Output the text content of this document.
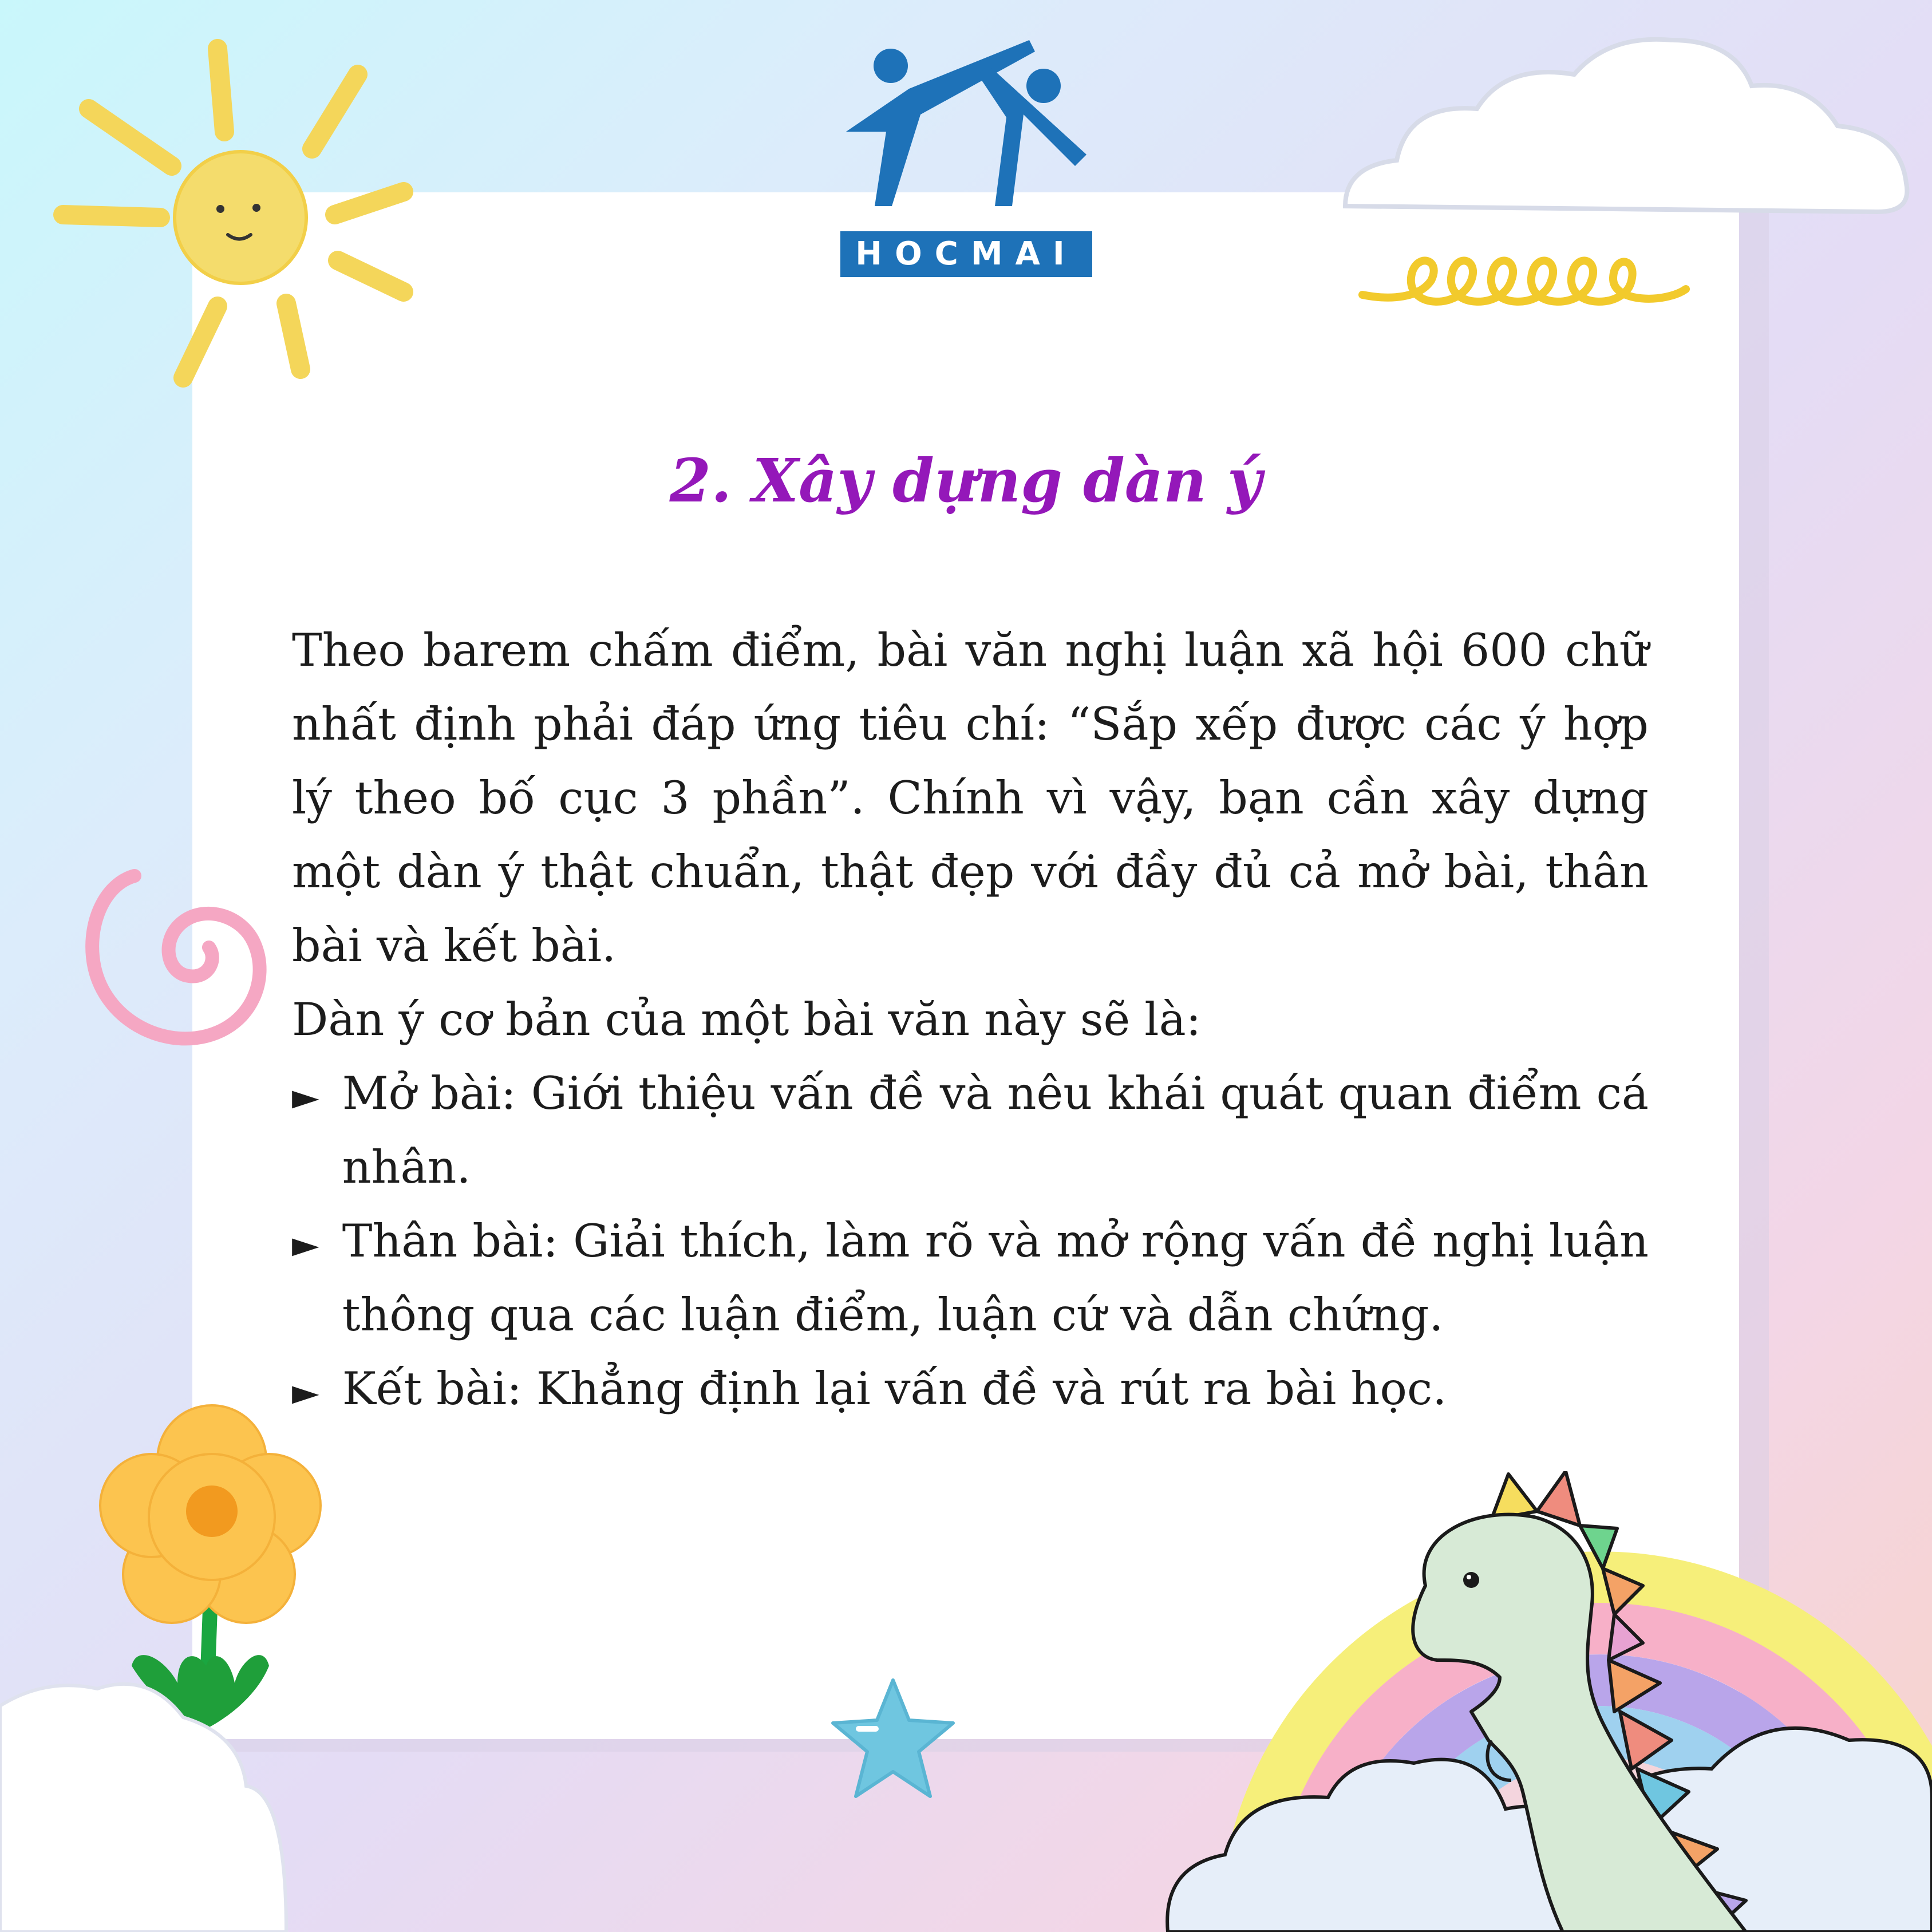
HOCMAI
2. Xây dựng dàn ý

Theo barem chấm điểm, bài văn nghị luận xã hội 600 chữ nhất định phải đáp ứng tiêu chí: “Sắp xếp được các ý hợp lý theo bố cục 3 phần”. Chính vì vậy, bạn cần xây dựng một dàn ý thật chuẩn, thật đẹp với đầy đủ cả mở bài, thân bài và kết bài.

Dàn ý cơ bản của một bài văn này sẽ là:

► Mở bài: Giới thiệu vấn đề và nêu khái quát quan điểm cá nhân.

► Thân bài: Giải thích, làm rõ và mở rộng vấn đề nghị luận thông qua các luận điểm, luận cứ và dẫn chứng.

► Kết bài: Khẳng định lại vấn đề và rút ra bài học.
